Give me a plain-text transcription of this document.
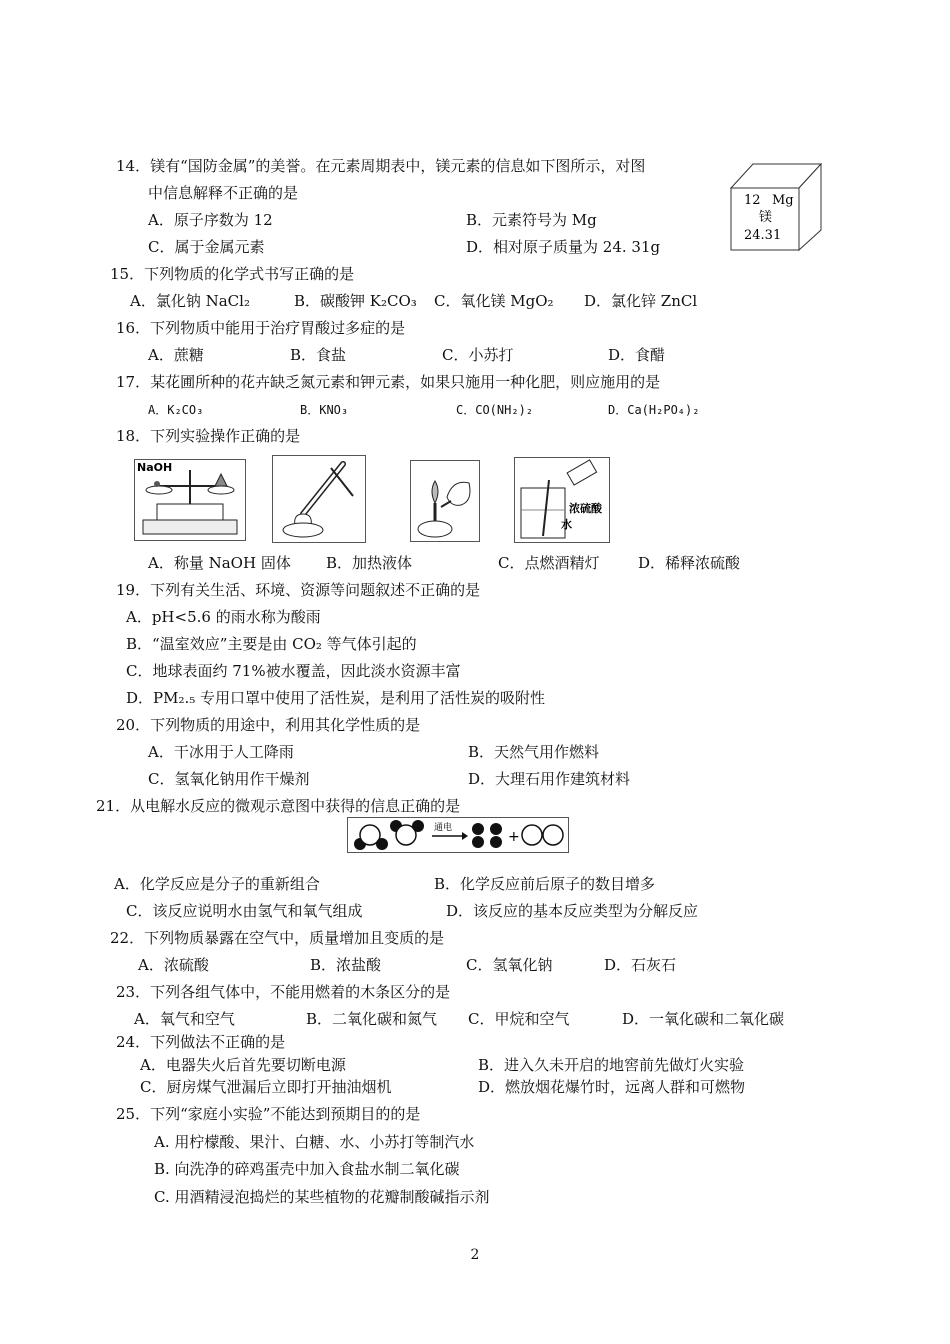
14．镁有“国防金属”的美誉。在元素周期表中，镁元素的信息如下图所示，对图
中信息解释不正确的是
A．原子序数为 12	B．元素符号为 Mg
C．属于金属元素	D．相对原子质量为 24. 31g
12 Mg
镁
24.31
15．下列物质的化学式书写正确的是
A．氯化钠 NaCl₂	B．碳酸钾 K₂CO₃ C．氧化镁 MgO₂ D．氯化锌 ZnCl
16．下列物质中能用于治疗胃酸过多症的是
A．蔗糖	B．食盐	C．小苏打	D．食醋
17．某花圃所种的花卉缺乏氮元素和钾元素，如果只施用一种化肥，则应施用的是
A．K₂CO₃	B．KNO₃	C．CO(NH₂)₂	D．Ca(H₂PO₄)₂
18．下列实验操作正确的是
NaOH
浓硫酸
水
A．称量 NaOH 固体 B．加热液体	C．点燃酒精灯	D．稀释浓硫酸
19．下列有关生活、环境、资源等问题叙述不正确的是
A．pH<5.6 的雨水称为酸雨
B．“温室效应”主要是由 CO₂ 等气体引起的
C．地球表面约 71%被水覆盖，因此淡水资源丰富
D．PM₂.₅ 专用口罩中使用了活性炭，是利用了活性炭的吸附性
20．下列物质的用途中，利用其化学性质的是
A．干冰用于人工降雨	B．天然气用作燃料
C．氢氧化钠用作干燥剂	D．大理石用作建筑材料
21．从电解水反应的微观示意图中获得的信息正确的是
通电
+
A．化学反应是分子的重新组合	B．化学反应前后原子的数目增多
C．该反应说明水由氢气和氧气组成	D．该反应的基本反应类型为分解反应
22．下列物质暴露在空气中，质量增加且变质的是
A．浓硫酸	B．浓盐酸	C．氢氧化钠	D．石灰石
23．下列各组气体中，不能用燃着的木条区分的是
A．氧气和空气	B．二氧化碳和氮气 C．甲烷和空气	D．一氧化碳和二氧化碳
24．下列做法不正确的是
A．电器失火后首先要切断电源	B．进入久未开启的地窖前先做灯火实验
C．厨房煤气泄漏后立即打开抽油烟机	D．燃放烟花爆竹时，远离人群和可燃物
25．下列“家庭小实验”不能达到预期目的的是
A. 用柠檬酸、果汁、白糖、水、小苏打等制汽水
B. 向洗净的碎鸡蛋壳中加入食盐水制二氧化碳
C. 用酒精浸泡捣烂的某些植物的花瓣制酸碱指示剂
2
